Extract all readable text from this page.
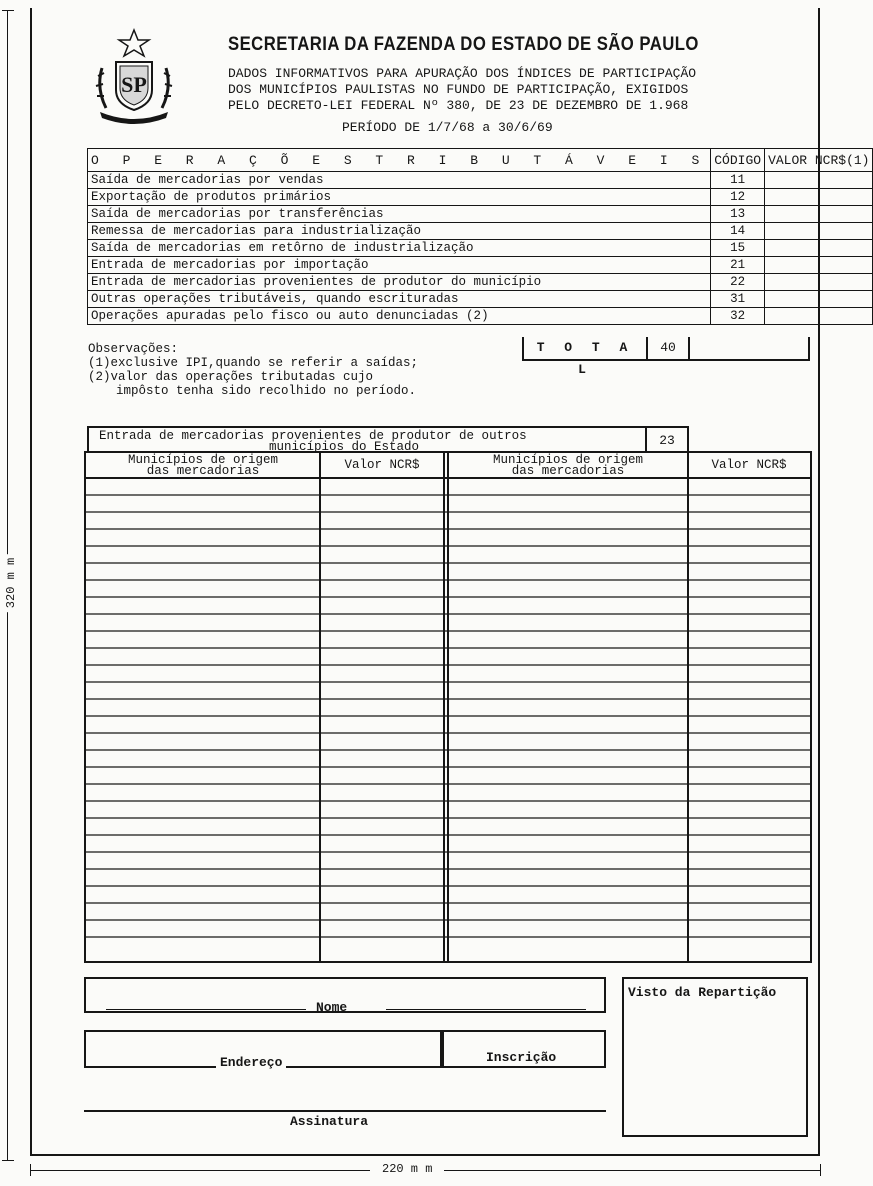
320 m m
220 m m
SP
SECRETARIA DA FAZENDA DO ESTADO DE SÃO PAULO
DADOS INFORMATIVOS PARA APURAÇÃO DOS ÍNDICES DE PARTICIPAÇÃO
DOS MUNICÍPIOS PAULISTAS NO FUNDO DE PARTICIPAÇÃO, EXIGIDOS
PELO DECRETO-LEI FEDERAL Nº 380, DE 23 DE DEZEMBRO DE 1.968
PERÍODO DE 1/7/68 a 30/6/69
O P E R A Ç Õ E S T R I B U T Á V E I S	CÓDIGO	VALOR NCR$(1)
Saída de mercadorias por vendas	11	
Exportação de produtos primários	12	
Saída de mercadorias por transferências	13	
Remessa de mercadorias para industrialização	14	
Saída de mercadorias em retôrno de industrialização	15	
Entrada de mercadorias por importação	21	
Entrada de mercadorias provenientes de produtor do município	22	
Outras operações tributáveis, quando escrituradas	31	
Operações apuradas pelo fisco ou auto denunciadas (2)	32	
T O T A L
40
Observações:
(1)exclusive IPI,quando se referir a saídas;
(2)valor das operações tributadas cujo
impôsto tenha sido recolhido no período.
Entrada de mercadorias provenientes de produtor de outros
municípios do Estado	23
Municípios de origem
das mercadorias	Valor NCR$	Municípios de origem
das mercadorias	Valor NCR$
Nome
Endereço	Inscrição
Assinatura
Visto da Repartição
